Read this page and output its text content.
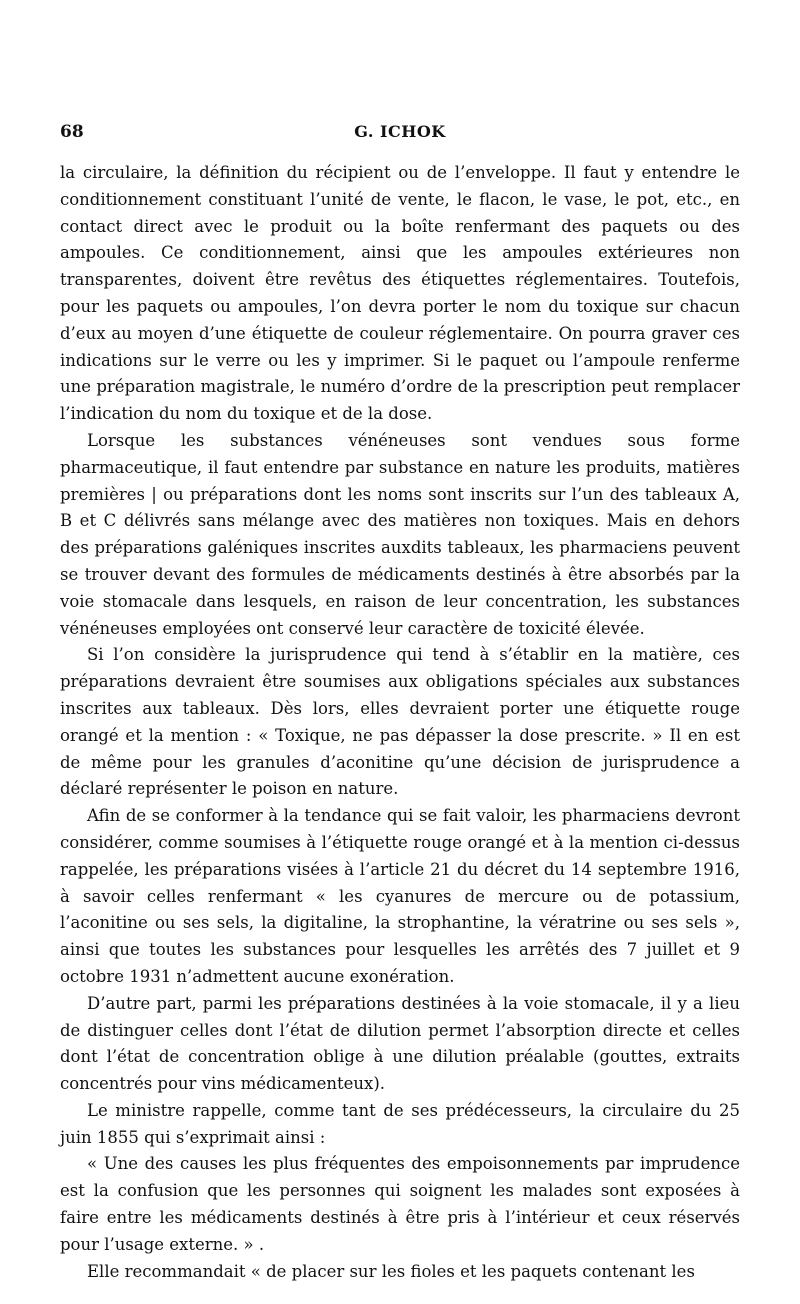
68	G. ICHOK

la circulaire, la définition du récipient ou de l’enveloppe. Il faut y entendre le conditionnement constituant l’unité de vente, le flacon, le vase, le pot, etc., en contact direct avec le produit ou la boîte renfermant des paquets ou des ampoules. Ce conditionnement, ainsi que les ampoules extérieures non transparentes, doivent être revêtus des étiquettes réglementaires. Toutefois, pour les paquets ou ampoules, l’on devra porter le nom du toxique sur chacun d’eux au moyen d’une étiquette de couleur réglementaire. On pourra graver ces indications sur le verre ou les y imprimer. Si le paquet ou l’ampoule renferme une préparation magistrale, le numéro d’ordre de la prescription peut remplacer l’indication du nom du toxique et de la dose.

Lorsque les substances vénéneuses sont vendues sous forme pharmaceutique, il faut entendre par substance en nature les produits, matières premières | ou préparations dont les noms sont inscrits sur l’un des tableaux A, B et C délivrés sans mélange avec des matières non toxiques. Mais en dehors des préparations galéniques inscrites auxdits tableaux, les pharmaciens peuvent se trouver devant des formules de médicaments destinés à être absorbés par la voie stomacale dans lesquels, en raison de leur concentration, les substances vénéneuses employées ont conservé leur caractère de toxicité élevée.

Si l’on considère la jurisprudence qui tend à s’établir en la matière, ces préparations devraient être soumises aux obligations spéciales aux substances inscrites aux tableaux. Dès lors, elles devraient porter une étiquette rouge orangé et la mention : « Toxique, ne pas dépasser la dose prescrite. » Il en est de même pour les granules d’aconitine qu’une décision de jurisprudence a déclaré représenter le poison en nature.

Afin de se conformer à la tendance qui se fait valoir, les pharmaciens devront considérer, comme soumises à l’étiquette rouge orangé et à la mention ci-dessus rappelée, les préparations visées à l’article 21 du décret du 14 septembre 1916, à savoir celles renfermant « les cyanures de mercure ou de potassium, l’aconitine ou ses sels, la digitaline, la strophantine, la vératrine ou ses sels », ainsi que toutes les substances pour lesquelles les arrêtés des 7 juillet et 9 octobre 1931 n’admettent aucune exonération.

D’autre part, parmi les préparations destinées à la voie stomacale, il y a lieu de distinguer celles dont l’état de dilution permet l’absorption directe et celles dont l’état de concentration oblige à une dilution préalable (gouttes, extraits concentrés pour vins médicamenteux).

Le ministre rappelle, comme tant de ses prédécesseurs, la circulaire du 25 juin 1855 qui s’exprimait ainsi :

« Une des causes les plus fréquentes des empoisonnements par imprudence est la confusion que les personnes qui soignent les malades sont exposées à faire entre les médicaments destinés à être pris à l’intérieur et ceux réservés pour l’usage externe. » .

Elle recommandait « de placer sur les fioles et les paquets contenant les
